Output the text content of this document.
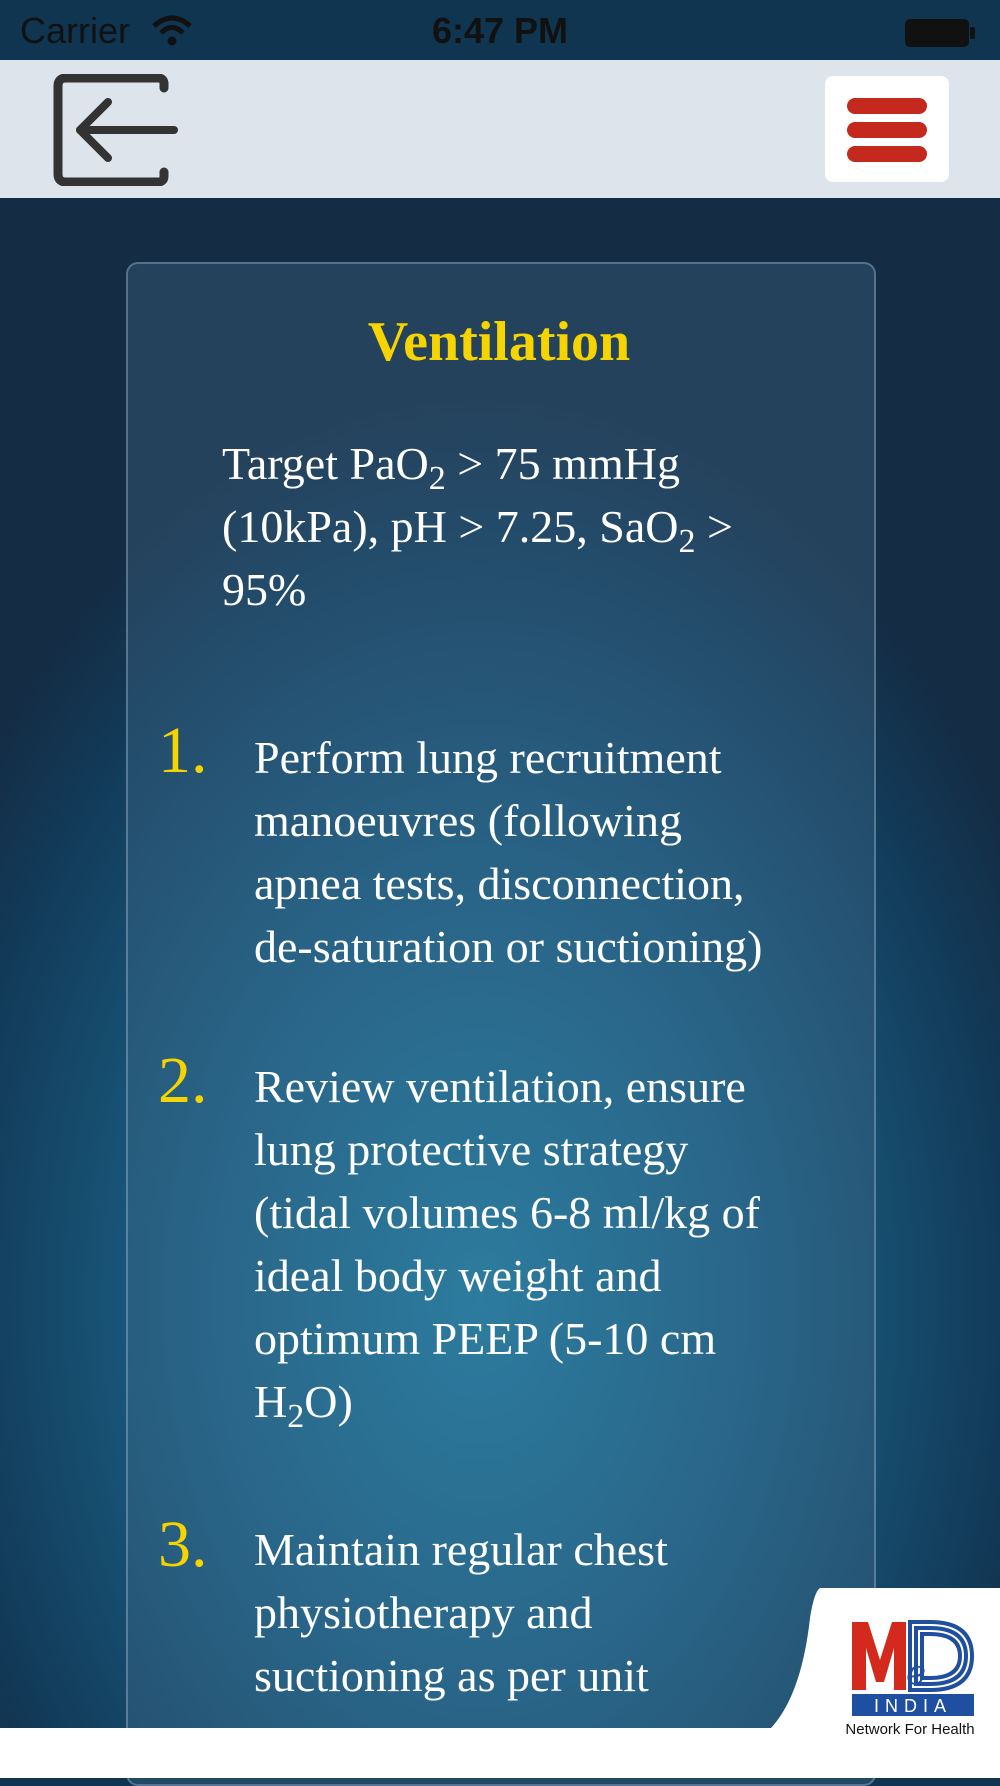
Carrier	6:47 PM
Ventilation
Target PaO$_2$ > 75 mmHg
(10kPa), pH > 7.25, SaO$_2$ >
95%
1. Perform lung recruitment
manoeuvres (following
apnea tests, disconnection,
de-saturation or suctioning)
2. Review ventilation, ensure
lung protective strategy
(tidal volumes 6-8 ml/kg of
ideal body weight and
optimum PEEP (5-10 cm
$H_2O$)
3. Maintain regular chest
physiotherapy and
suctioning as per unit	e
INDIA
Network For Health
